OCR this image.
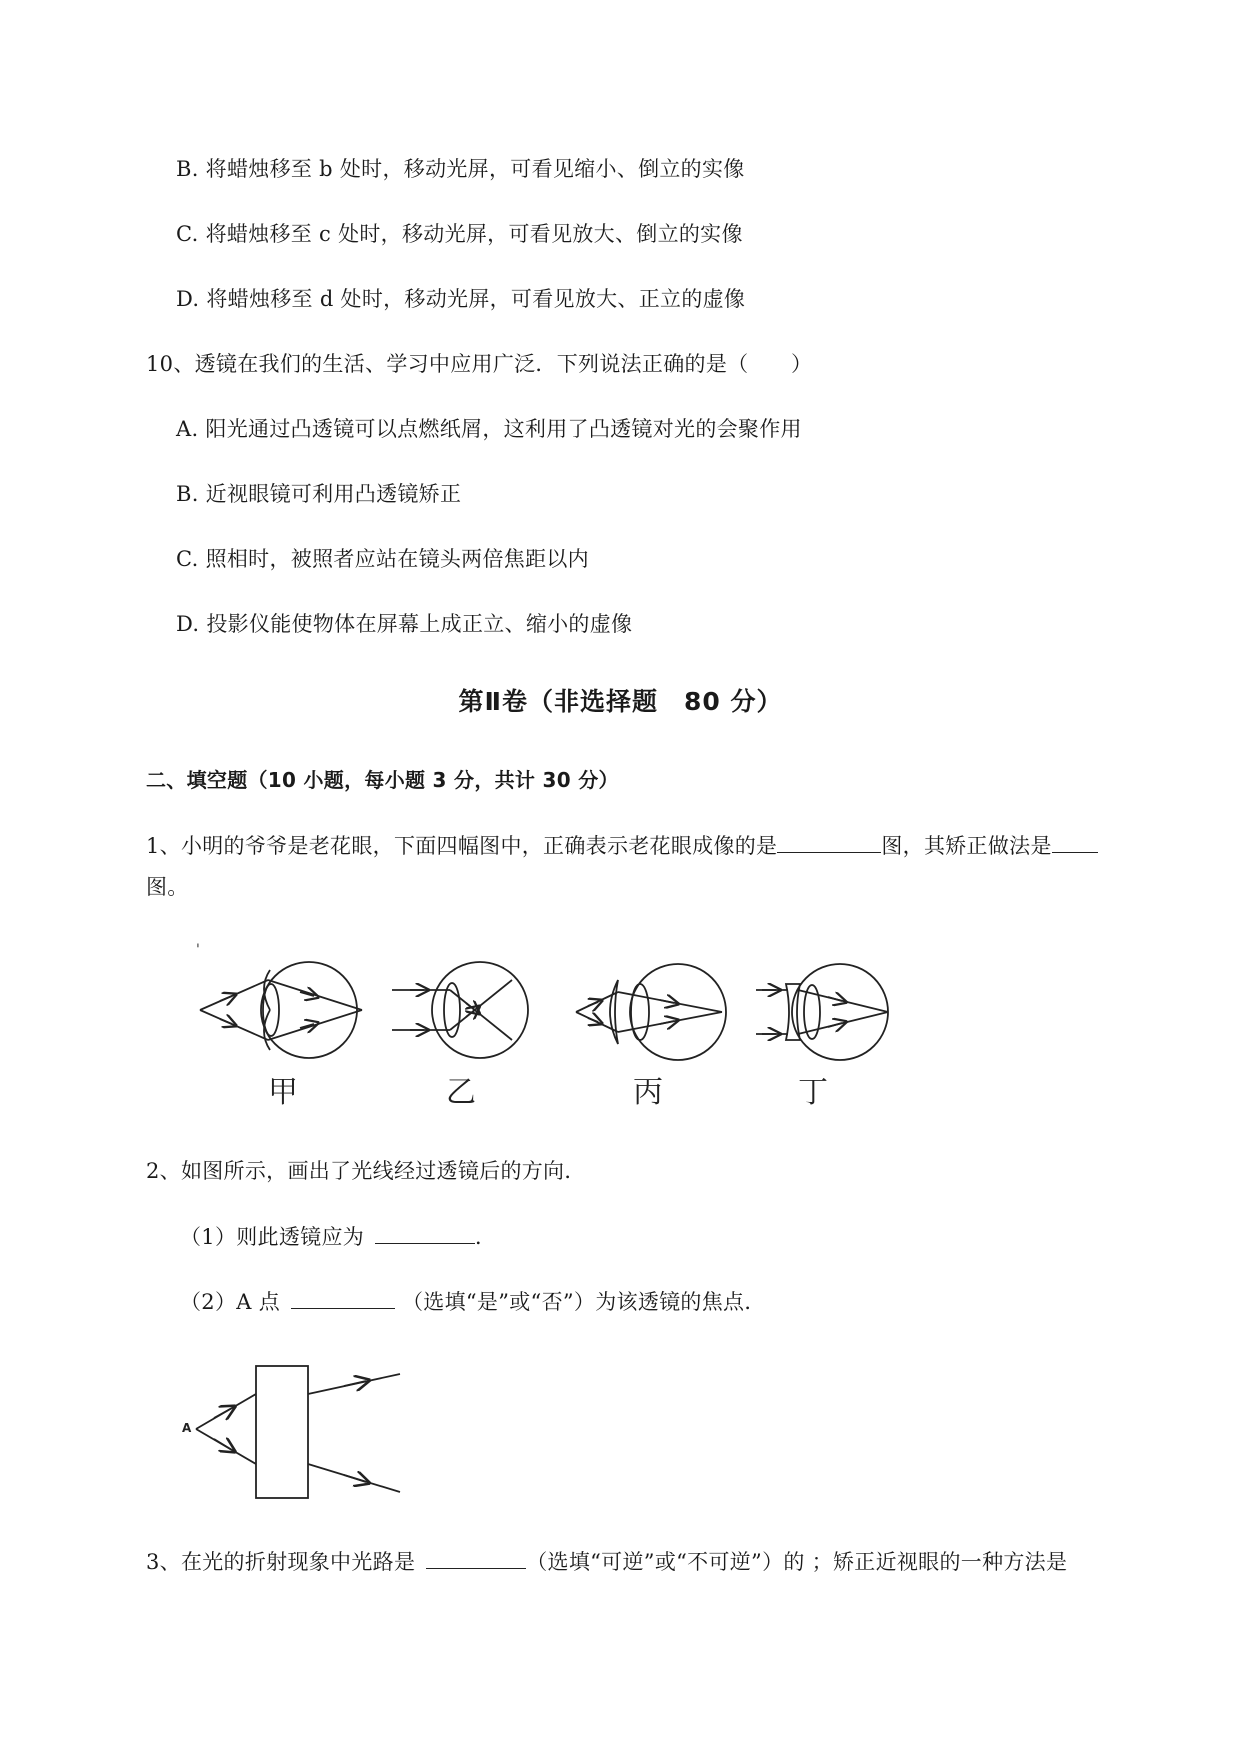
B. 将蜡烛移至 b 处时，移动光屏，可看见缩小、倒立的实像
C. 将蜡烛移至 c 处时，移动光屏，可看见放大、倒立的实像
D. 将蜡烛移至 d 处时，移动光屏，可看见放大、正立的虚像
10、透镜在我们的生活、学习中应用广泛．下列说法正确的是（　　）
A. 阳光通过凸透镜可以点燃纸屑，这利用了凸透镜对光的会聚作用
B. 近视眼镜可利用凸透镜矫正
C. 照相时，被照者应站在镜头两倍焦距以内
D. 投影仪能使物体在屏幕上成正立、缩小的虚像
第Ⅱ卷（非选择题　80 分）
二、填空题（10 小题，每小题 3 分，共计 30 分）
1、小明的爷爷是老花眼，下面四幅图中，正确表示老花眼成像的是	图，其矫正做法是
图。
'
甲	乙	丙	丁
2、如图所示，画出了光线经过透镜后的方向．
（1）则此透镜应为	．
（2）A 点	（选填“是”或“否”）为该透镜的焦点．
A
3、在光的折射现象中光路是	（选填“可逆”或“不可逆”）的 ；矫正近视眼的一种方法是
